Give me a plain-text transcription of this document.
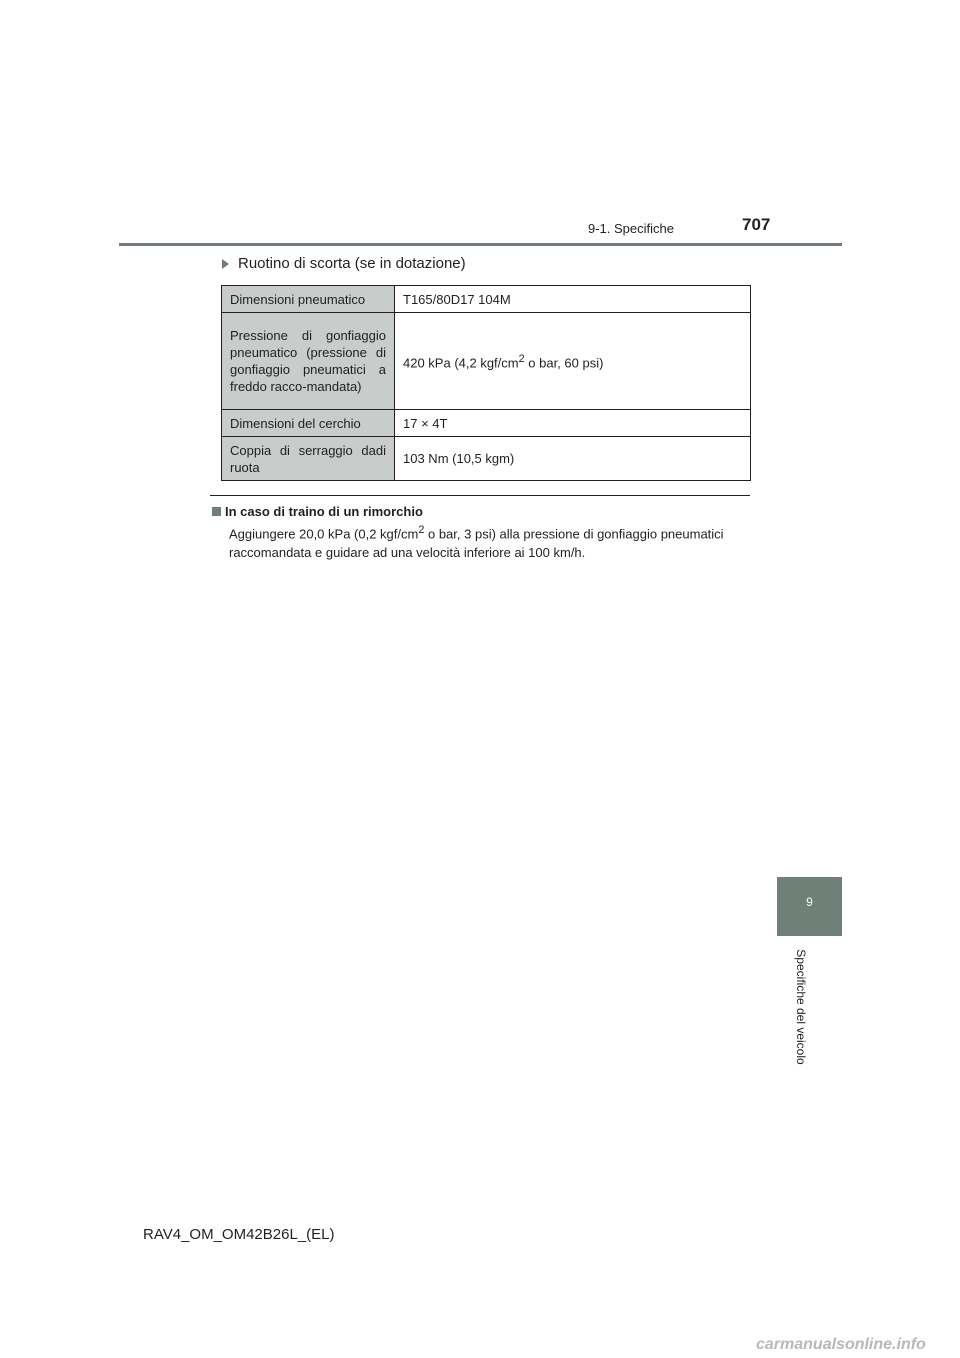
9-1. Specifiche	707
Ruotino di scorta (se in dotazione)
Dimensioni pneumatico	T165/80D17 104M
Pressione di gonfiaggio pneumatico (pressione di gonfiaggio pneumatici a freddo racco-mandata)	420 kPa (4,2 kgf/$cm^2$ o bar, 60 psi)
Dimensioni del cerchio	17 × 4T
Coppia di serraggio dadi ruota	103 Nm (10,5 kgm)
In caso di traino di un rimorchio
Aggiungere 20,0 kPa (0,2 kgf/$cm^2$ o bar, 3 psi) alla pressione di gonfiaggio pneumatici raccomandata e guidare ad una velocità inferiore ai 100 km/h.
9
Specifiche del veicolo
RAV4_OM_OM42B26L_(EL)
carmanualsonline.info
